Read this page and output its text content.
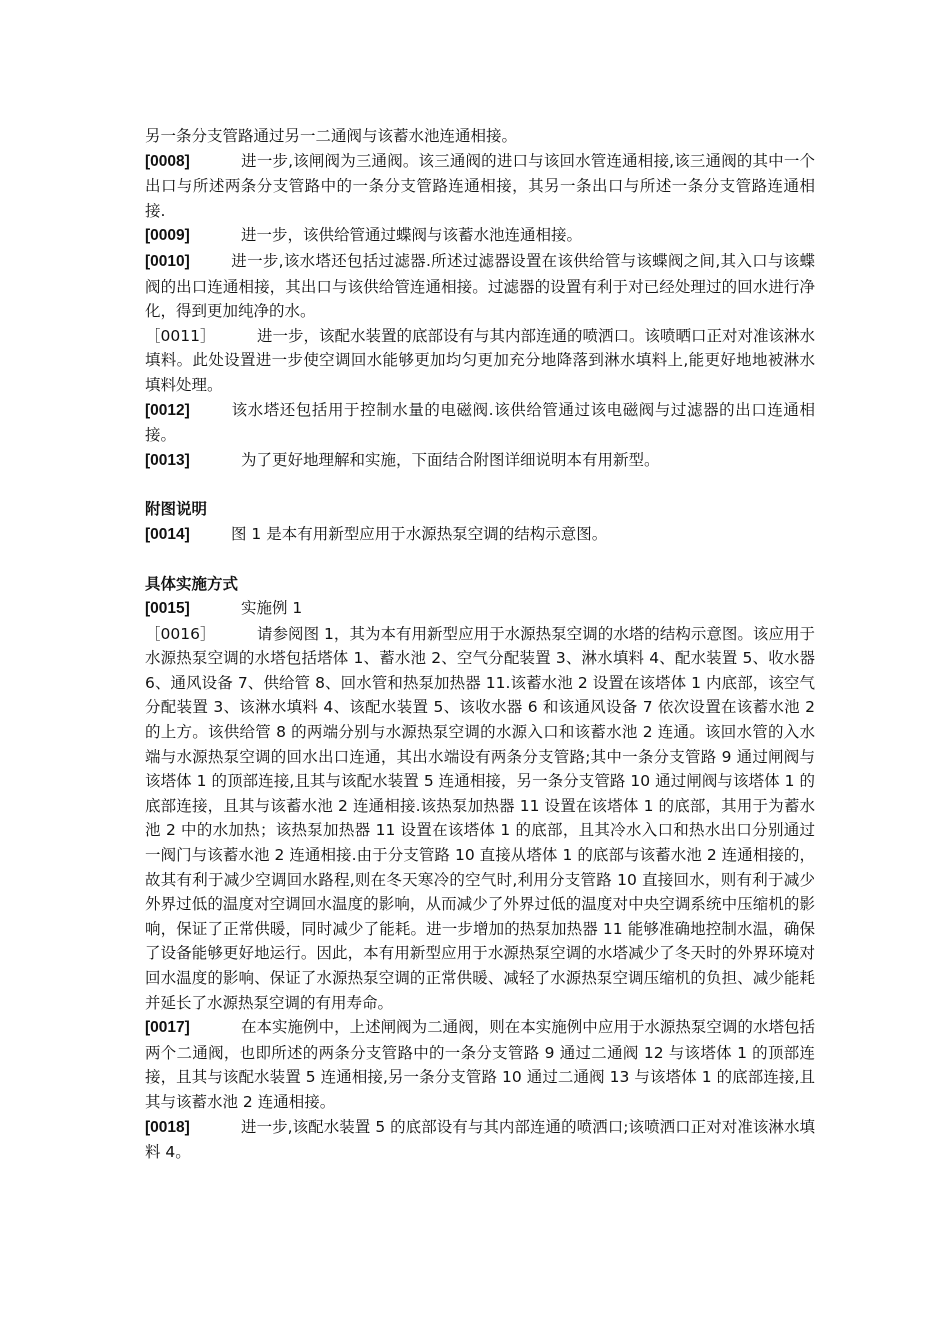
另一条分支管路通过另一二通阀与该蓄水池连通相接。

[0008]	进一步,该闸阀为三通阀。该三通阀的进口与该回水管连通相接,该三通阀的其中一个出口与所述两条分支管路中的一条分支管路连通相接，其另一条出口与所述一条分支管路连通相接.

[0009]	进一步，该供给管通过蝶阀与该蓄水池连通相接。

[0010]	进一步,该水塔还包括过滤器.所述过滤器设置在该供给管与该蝶阀之间,其入口与该蝶阀的出口连通相接，其出口与该供给管连通相接。过滤器的设置有利于对已经处理过的回水进行净化，得到更加纯净的水。

［0011］	进一步，该配水装置的底部设有与其内部连通的喷洒口。该喷晒口正对对准该淋水填料。此处设置进一步使空调回水能够更加均匀更加充分地降落到淋水填料上,能更好地地被淋水填料处理。

[0012]	该水塔还包括用于控制水量的电磁阀.该供给管通过该电磁阀与过滤器的出口连通相接。

[0013]	为了更好地理解和实施，下面结合附图详细说明本有用新型。

附图说明

[0014]	图 1 是本有用新型应用于水源热泵空调的结构示意图。

具体实施方式

[0015]	实施例 1

［0016］	请参阅图 1，其为本有用新型应用于水源热泵空调的水塔的结构示意图。该应用于水源热泵空调的水塔包括塔体 1、蓄水池 2、空气分配装置 3、淋水填料 4、配水装置 5、收水器 6、通风设备 7、供给管 8、回水管和热泵加热器 11.该蓄水池 2 设置在该塔体 1 内底部，该空气分配装置 3、该淋水填料 4、该配水装置 5、该收水器 6 和该通风设备 7 依次设置在该蓄水池 2 的上方。该供给管 8 的两端分别与水源热泵空调的水源入口和该蓄水池 2 连通。该回水管的入水端与水源热泵空调的回水出口连通，其出水端设有两条分支管路;其中一条分支管路 9 通过闸阀与该塔体 1 的顶部连接,且其与该配水装置 5 连通相接，另一条分支管路 10 通过闸阀与该塔体 1 的底部连接，且其与该蓄水池 2 连通相接.该热泵加热器 11 设置在该塔体 1 的底部，其用于为蓄水池 2 中的水加热；该热泵加热器 11 设置在该塔体 1 的底部，且其冷水入口和热水出口分别通过一阀门与该蓄水池 2 连通相接.由于分支管路 10 直接从塔体 1 的底部与该蓄水池 2 连通相接的，故其有利于减少空调回水路程,则在冬天寒冷的空气时,利用分支管路 10 直接回水，则有利于减少外界过低的温度对空调回水温度的影响，从而减少了外界过低的温度对中央空调系统中压缩机的影响，保证了正常供暖，同时减少了能耗。进一步增加的热泵加热器 11 能够准确地控制水温，确保了设备能够更好地运行。因此，本有用新型应用于水源热泵空调的水塔减少了冬天时的外界环境对回水温度的影响、保证了水源热泵空调的正常供暖、减轻了水源热泵空调压缩机的负担、减少能耗并延长了水源热泵空调的有用寿命。

[0017]	在本实施例中，上述闸阀为二通阀，则在本实施例中应用于水源热泵空调的水塔包括两个二通阀，也即所述的两条分支管路中的一条分支管路 9 通过二通阀 12 与该塔体 1 的顶部连接，且其与该配水装置 5 连通相接,另一条分支管路 10 通过二通阀 13 与该塔体 1 的底部连接,且其与该蓄水池 2 连通相接。

[0018]	进一步,该配水装置 5 的底部设有与其内部连通的喷洒口;该喷洒口正对对准该淋水填料 4。
